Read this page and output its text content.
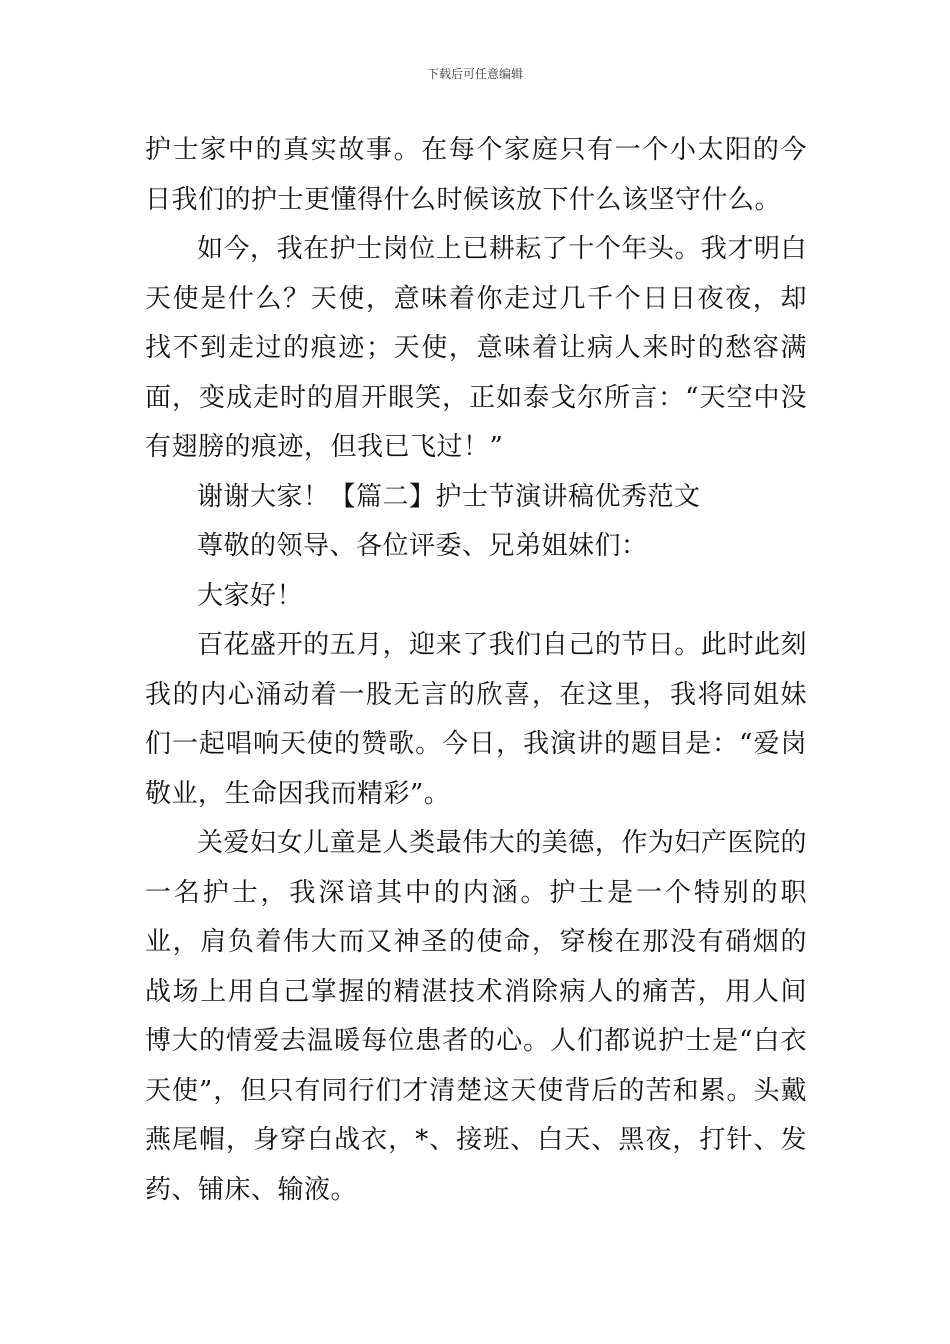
下载后可任意编辑

护士家中的真实故事。在每个家庭只有一个小太阳的今日我们的护士更懂得什么时候该放下什么该坚守什么。

如今，我在护士岗位上已耕耘了十个年头。我才明白天使是什么？天使，意味着你走过几千个日日夜夜，却找不到走过的痕迹；天使，意味着让病人来时的愁容满面，变成走时的眉开眼笑，正如泰戈尔所言：“天空中没有翅膀的痕迹，但我已飞过！”

谢谢大家！【篇二】护士节演讲稿优秀范文

尊敬的领导、各位评委、兄弟姐妹们：

大家好！

百花盛开的五月，迎来了我们自己的节日。此时此刻我的内心涌动着一股无言的欣喜，在这里，我将同姐妹们一起唱响天使的赞歌。今日，我演讲的题目是：“爱岗敬业，生命因我而精彩”。

关爱妇女儿童是人类最伟大的美德，作为妇产医院的一名护士，我深谙其中的内涵。护士是一个特别的职业，肩负着伟大而又神圣的使命，穿梭在那没有硝烟的战场上用自己掌握的精湛技术消除病人的痛苦，用人间博大的情爱去温暖每位患者的心。人们都说护士是“白衣天使”，但只有同行们才清楚这天使背后的苦和累。头戴燕尾帽，身穿白战衣，*、接班、白天、黑夜，打针、发药、铺床、输液。
